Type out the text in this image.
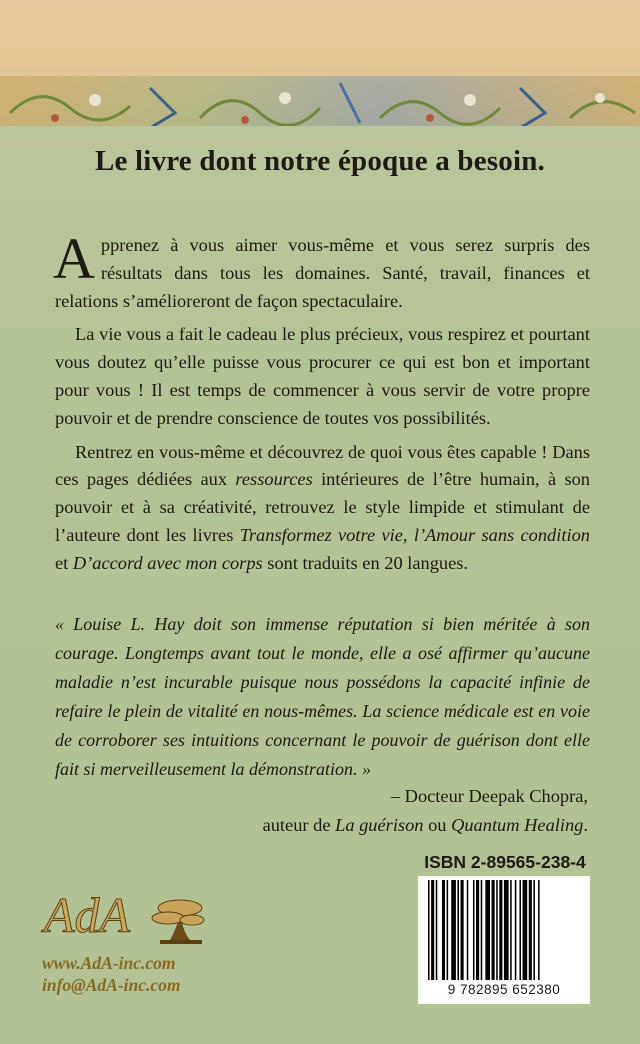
Le livre dont notre époque a besoin.

Apprenez à vous aimer vous-même et vous serez surpris des résultats dans tous les domaines. Santé, travail, finances et relations s’amélioreront de façon spectaculaire.

La vie vous a fait le cadeau le plus précieux, vous respirez et pourtant vous doutez qu’elle puisse vous procurer ce qui est bon et important pour vous ! Il est temps de commencer à vous servir de votre propre pouvoir et de prendre conscience de toutes vos possibilités.

Rentrez en vous-même et découvrez de quoi vous êtes capable ! Dans ces pages dédiées aux ressources intérieures de l’être humain, à son pouvoir et à sa créativité, retrouvez le style limpide et stimulant de l’auteure dont les livres Transformez votre vie, l’Amour sans condition et D’accord avec mon corps sont traduits en 20 langues.

« Louise L. Hay doit son immense réputation si bien méritée à son courage. Longtemps avant tout le monde, elle a osé affirmer qu’aucune maladie n’est incurable puisque nous possédons la capacité infinie de refaire le plein de vitalité en nous-mêmes. La science médicale est en voie de corroborer ses intuitions concernant le pouvoir de guérison dont elle fait si merveilleusement la démonstration. »
– Docteur Deepak Chopra,
auteur de La guérison ou Quantum Healing.
ISBN 2-89565-238-4
9 782895 652380
AdA
www.AdA-inc.com
info@AdA-inc.com
